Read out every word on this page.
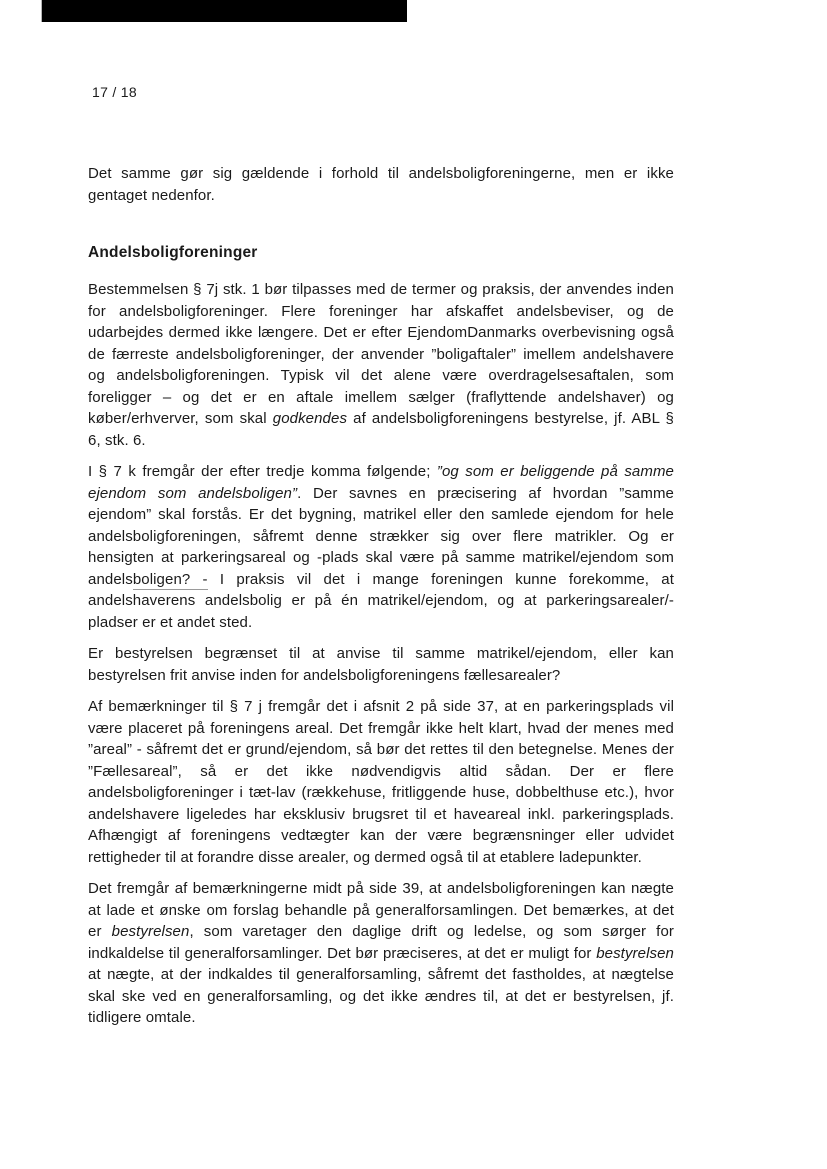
17 / 18

Det samme gør sig gældende i forhold til andelsboligforeningerne, men er ikke gentaget nedenfor.

Andelsboligforeninger

Bestemmelsen § 7j stk. 1 bør tilpasses med de termer og praksis, der anvendes inden for andelsboligforeninger. Flere foreninger har afskaffet andelsbeviser, og de udarbejdes dermed ikke længere. Det er efter EjendomDanmarks overbevisning også de færreste andelsboligforeninger, der anvender ”boligaftaler” imellem andelshavere og andelsboligforeningen. Typisk vil det alene være overdragelsesaftalen, som foreligger – og det er en aftale imellem sælger (fraflyttende andelshaver) og køber/erhverver, som skal godkendes af andelsboligforeningens bestyrelse, jf. ABL § 6, stk. 6.

I § 7 k fremgår der efter tredje komma følgende; ”og som er beliggende på samme ejendom som andelsboligen”. Der savnes en præcisering af hvordan ”samme ejendom” skal forstås. Er det bygning, matrikel eller den samlede ejendom for hele andelsboligforeningen, såfremt denne strækker sig over flere matrikler. Og er hensigten at parkeringsareal og -plads skal være på samme matrikel/ejendom som andelsboligen? - I praksis vil det i mange foreningen kunne forekomme, at andelshaverens andelsbolig er på én matrikel/ejendom, og at parkeringsarealer/-pladser er et andet sted.

Er bestyrelsen begrænset til at anvise til samme matrikel/ejendom, eller kan bestyrelsen frit anvise inden for andelsboligforeningens fællesarealer?

Af bemærkninger til § 7 j fremgår det i afsnit 2 på side 37, at en parkeringsplads vil være placeret på foreningens areal. Det fremgår ikke helt klart, hvad der menes med ”areal” - såfremt det er grund/ejendom, så bør det rettes til den betegnelse. Menes der ”Fællesareal”, så er det ikke nødvendigvis altid sådan. Der er flere andelsboligforeninger i tæt-lav (rækkehuse, fritliggende huse, dobbelthuse etc.), hvor andelshavere ligeledes har eksklusiv brugsret til et haveareal inkl. parkeringsplads. Afhængigt af foreningens vedtægter kan der være begrænsninger eller udvidet rettigheder til at forandre disse arealer, og dermed også til at etablere ladepunkter.

Det fremgår af bemærkningerne midt på side 39, at andelsboligforeningen kan nægte at lade et ønske om forslag behandle på generalforsamlingen. Det bemærkes, at det er bestyrelsen, som varetager den daglige drift og ledelse, og som sørger for indkaldelse til generalforsamlinger. Det bør præciseres, at det er muligt for bestyrelsen at nægte, at der indkaldes til generalforsamling, såfremt det fastholdes, at nægtelse skal ske ved en generalforsamling, og det ikke ændres til, at det er bestyrelsen, jf. tidligere omtale.
